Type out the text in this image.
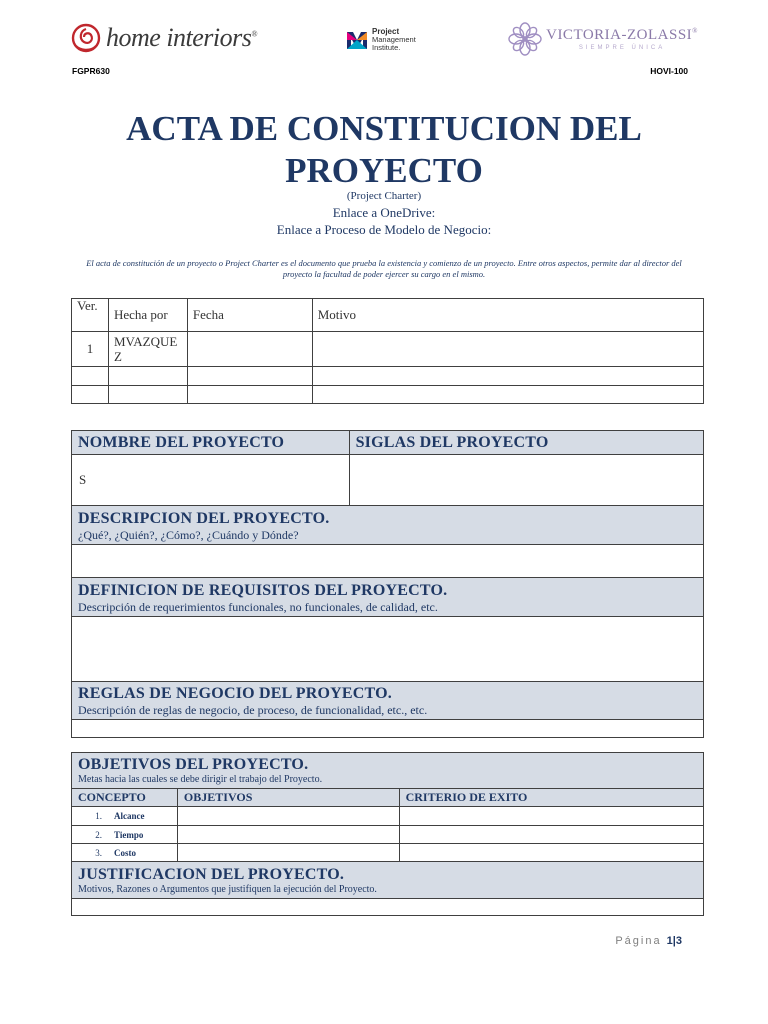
home interiors®	Project
Management
Institute.
VICTORIA-ZOLASSI®
SIEMPRE ÚNICA
FGPR630	HOVI-100
ACTA DE CONSTITUCION DEL PROYECTO
(Project Charter)
Enlace a OneDrive:
Enlace a Proceso de Modelo de Negocio:
El acta de constitución de un proyecto o Project Charter es el documento que prueba la existencia y comienzo de un proyecto. Entre otros aspectos, permite dar al director del proyecto la facultad de poder ejercer su cargo en el mismo.
Ver.	Hecha por	Fecha	Motivo
1	MVAZQUEZ		

NOMBRE DEL PROYECTO	SIGLAS DEL PROYECTO

S	

DESCRIPCION DEL PROYECTO.
¿Qué?, ¿Quién?, ¿Cómo?, ¿Cuándo y Dónde?	

DEFINICION DE REQUISITOS DEL PROYECTO.
Descripción de requerimientos funcionales, no funcionales, de calidad, etc.	

REGLAS DE NEGOCIO DEL PROYECTO.
Descripción de reglas de negocio, de proceso, de funcionalidad, etc., etc.	

OBJETIVOS DEL PROYECTO.
Metas hacia las cuales se debe dirigir el trabajo del Proyecto.		

CONCEPTO	OBJETIVOS	CRITERIO DE EXITO
1. Alcance		
2. Tiempo		
3. Costo		

JUSTIFICACION DEL PROYECTO.
Motivos, Razones o Argumentos que justifiquen la ejecución del Proyecto.		

Página 1|3
